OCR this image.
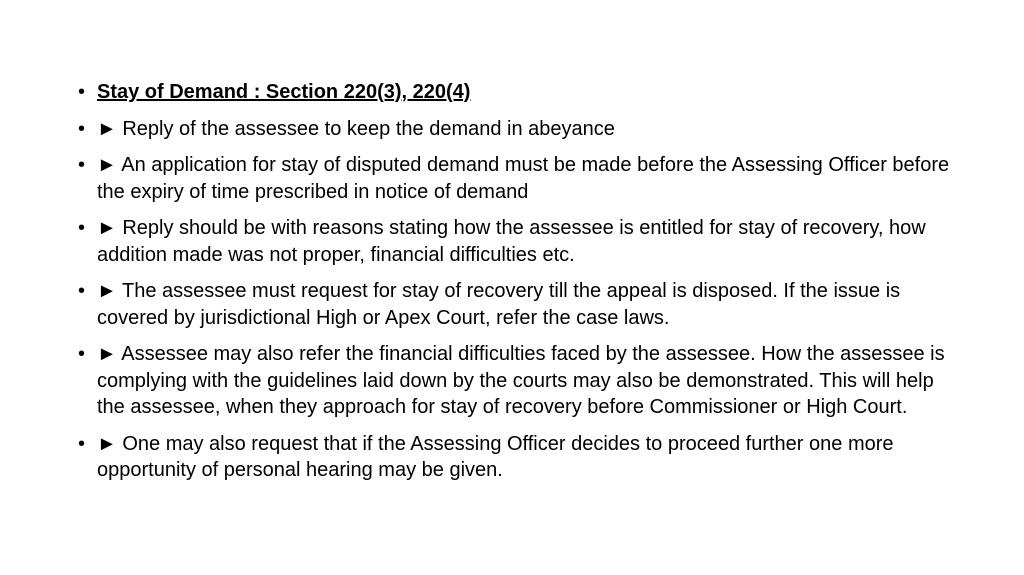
• Stay of Demand : Section 220(3), 220(4)
• ► Reply of the assessee to keep the demand in abeyance
• ► An application for stay of disputed demand must be made before the Assessing Officer before the expiry of time prescribed in notice of demand
• ► Reply should be with reasons stating how the assessee is entitled for stay of recovery, how addition made was not proper, financial difficulties etc.
• ► The assessee must request for stay of recovery till the appeal is disposed. If the issue is covered by jurisdictional High or Apex Court, refer the case laws.
• ► Assessee may also refer the financial difficulties faced by the assessee. How the assessee is complying with the guidelines laid down by the courts may also be demonstrated. This will help the assessee, when they approach for stay of recovery before Commissioner or High Court.
• ► One may also request that if the Assessing Officer decides to proceed further one more opportunity of personal hearing may be given.
